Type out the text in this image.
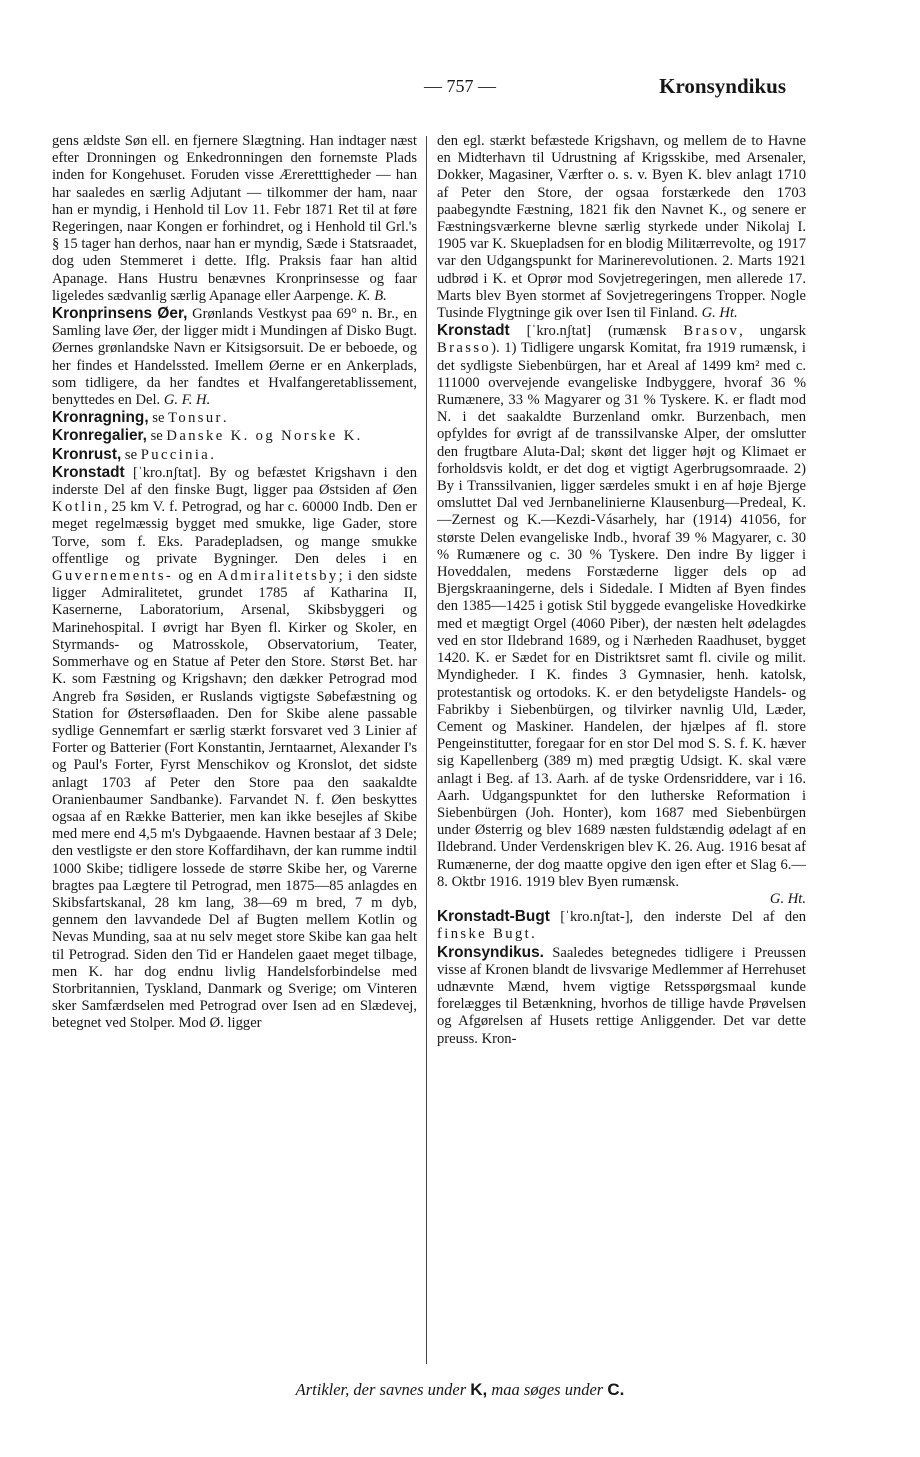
— 757 —	Kronsyndikus

gens ældste Søn ell. en fjernere Slægtning. Han indtager næst efter Dronningen og Enkedronningen den fornemste Plads inden for Kongehuset. Foruden visse Æreretttigheder — han har saaledes en særlig Adjutant — tilkommer der ham, naar han er myndig, i Henhold til Lov 11. Febr 1871 Ret til at føre Regeringen, naar Kongen er forhindret, og i Henhold til Grl.'s § 15 tager han derhos, naar han er myndig, Sæde i Statsraadet, dog uden Stemmeret i dette. Iflg. Praksis faar han altid Apanage. Hans Hustru benævnes Kronprinsesse og faar ligeledes sædvanlig særlig Apanage eller Aarpenge. K. B.

Kronprinsens Øer, Grønlands Vestkyst paa 69° n. Br., en Samling lave Øer, der ligger midt i Mundingen af Disko Bugt. Øernes grønlandske Navn er Kitsigsorsuit. De er beboede, og her findes et Handelssted. Imellem Øerne er en Ankerplads, som tidligere, da her fandtes et Hvalfangeretablissement, benyttedes en Del. G. F. H.

Kronragning, se Tonsur.

Kronregalier, se Danske K. og Norske K.

Kronrust, se Puccinia.

Kronstadt [ˈkro.nʃtat]. By og befæstet Krigshavn i den inderste Del af den finske Bugt, ligger paa Østsiden af Øen Kotlin, 25 km V. f. Petrograd, og har c. 60000 Indb. Den er meget regelmæssig bygget med smukke, lige Gader, store Torve, som f. Eks. Paradepladsen, og mange smukke offentlige og private Bygninger. Den deles i en Guvernements- og en Admiralitetsby; i den sidste ligger Admiralitetet, grundet 1785 af Katharina II, Kasernerne, Laboratorium, Arsenal, Skibsbyggeri og Marinehospital. I øvrigt har Byen fl. Kirker og Skoler, en Styrmands- og Matrosskole, Observatorium, Teater, Sommerhave og en Statue af Peter den Store. Størst Bet. har K. som Fæstning og Krigshavn; den dækker Petrograd mod Angreb fra Søsiden, er Ruslands vigtigste Søbefæstning og Station for Østersøflaaden. Den for Skibe alene passable sydlige Gennemfart er særlig stærkt forsvaret ved 3 Linier af Forter og Batterier (Fort Konstantin, Jerntaarnet, Alexander I's og Paul's Forter, Fyrst Menschikov og Kronslot, det sidste anlagt 1703 af Peter den Store paa den saakaldte Oranienbaumer Sandbanke). Farvandet N. f. Øen beskyttes ogsaa af en Række Batterier, men kan ikke besejles af Skibe med mere end 4,5 m's Dybgaaende. Havnen bestaar af 3 Dele; den vestligste er den store Koffardihavn, der kan rumme indtil 1000 Skibe; tidligere lossede de større Skibe her, og Varerne bragtes paa Lægtere til Petrograd, men 1875—85 anlagdes en Skibsfartskanal, 28 km lang, 38—69 m bred, 7 m dyb, gennem den lavvandede Del af Bugten mellem Kotlin og Nevas Munding, saa at nu selv meget store Skibe kan gaa helt til Petrograd. Siden den Tid er Handelen gaaet meget tilbage, men K. har dog endnu livlig Handelsforbindelse med Storbritannien, Tyskland, Danmark og Sverige; om Vinteren sker Samfærdselen med Petrograd over Isen ad en Slædevej, betegnet ved Stolper. Mod Ø. ligger

den egl. stærkt befæstede Krigshavn, og mellem de to Havne en Midterhavn til Udrustning af Krigsskibe, med Arsenaler, Dokker, Magasiner, Værfter o. s. v. Byen K. blev anlagt 1710 af Peter den Store, der ogsaa forstærkede den 1703 paabegyndte Fæstning, 1821 fik den Navnet K., og senere er Fæstningsværkerne blevne særlig styrkede under Nikolaj I. 1905 var K. Skuepladsen for en blodig Militærrevolte, og 1917 var den Udgangspunkt for Marinerevolutionen. 2. Marts 1921 udbrød i K. et Oprør mod Sovjetregeringen, men allerede 17. Marts blev Byen stormet af Sovjetregeringens Tropper. Nogle Tusinde Flygtninge gik over Isen til Finland. G. Ht.

Kronstadt [ˈkro.nʃtat] (rumænsk Brasov, ungarsk Brasso). 1) Tidligere ungarsk Komitat, fra 1919 rumænsk, i det sydligste Siebenbürgen, har et Areal af 1499 km² med c. 111000 overvejende evangeliske Indbyggere, hvoraf 36 % Rumænere, 33 % Magyarer og 31 % Tyskere. K. er fladt mod N. i det saakaldte Burzenland omkr. Burzenbach, men opfyldes for øvrigt af de transsilvanske Alper, der omslutter den frugtbare Aluta-Dal; skønt det ligger højt og Klimaet er forholdsvis koldt, er det dog et vigtigt Agerbrugsomraade. 2) By i Transsilvanien, ligger særdeles smukt i en af høje Bjerge omsluttet Dal ved Jernbanelinierne Klausenburg—Predeal, K.—Zernest og K.—Kezdi-Vásarhely, har (1914) 41056, for største Delen evangeliske Indb., hvoraf 39 % Magyarer, c. 30 % Rumænere og c. 30 % Tyskere. Den indre By ligger i Hoveddalen, medens Forstæderne ligger dels op ad Bjergskraaningerne, dels i Sidedale. I Midten af Byen findes den 1385—1425 i gotisk Stil byggede evangeliske Hovedkirke med et mægtigt Orgel (4060 Piber), der næsten helt ødelagdes ved en stor Ildebrand 1689, og i Nærheden Raadhuset, bygget 1420. K. er Sædet for en Distriktsret samt fl. civile og milit. Myndigheder. I K. findes 3 Gymnasier, henh. katolsk, protestantisk og ortodoks. K. er den betydeligste Handels- og Fabrikby i Siebenbürgen, og tilvirker navnlig Uld, Læder, Cement og Maskiner. Handelen, der hjælpes af fl. store Pengeinstitutter, foregaar for en stor Del mod S. S. f. K. hæver sig Kapellenberg (389 m) med prægtig Udsigt. K. skal være anlagt i Beg. af 13. Aarh. af de tyske Ordensriddere, var i 16. Aarh. Udgangspunktet for den lutherske Reformation i Siebenbürgen (Joh. Honter), kom 1687 med Siebenbürgen under Østerrig og blev 1689 næsten fuldstændig ødelagt af en Ildebrand. Under Verdenskrigen blev K. 26. Aug. 1916 besat af Rumænerne, der dog maatte opgive den igen efter et Slag 6.—8. Oktbr 1916. 1919 blev Byen rumænsk.

G. Ht.

Kronstadt-Bugt [ˈkro.nʃtat-], den inderste Del af den finske Bugt.

Kronsyndikus. Saaledes betegnedes tidligere i Preussen visse af Kronen blandt de livsvarige Medlemmer af Herrehuset udnævnte Mænd, hvem vigtige Retsspørgsmaal kunde forelægges til Betænkning, hvorhos de tillige havde Prøvelsen og Afgørelsen af Husets rettige Anliggender. Det var dette preuss. Kron-

Artikler, der savnes under K, maa søges under C.
